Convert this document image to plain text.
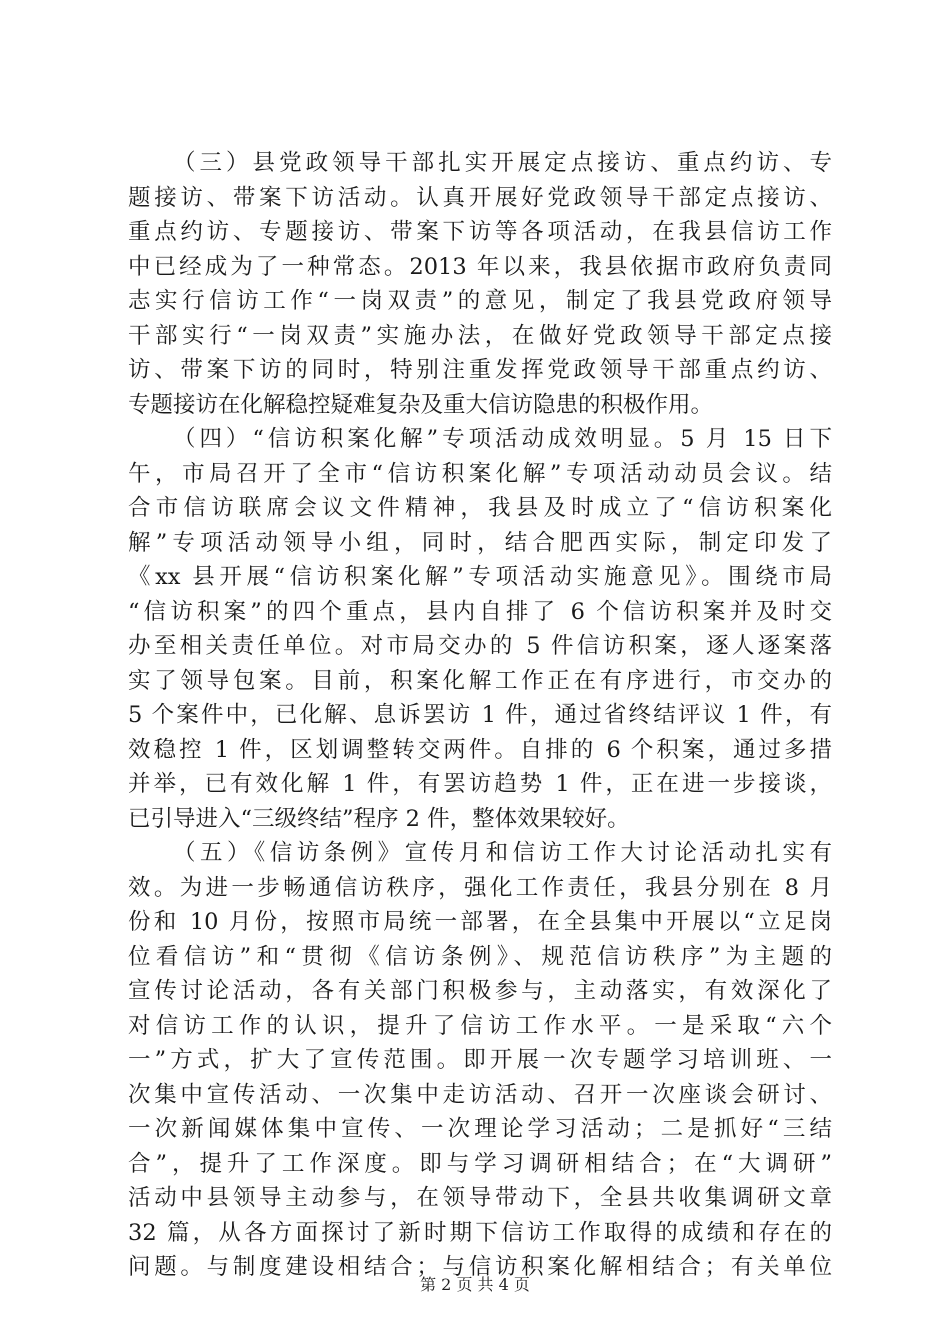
（三）县党政领导干部扎实开展定点接访、重点约访、专
题接访、带案下访活动。认真开展好党政领导干部定点接访、
重点约访、专题接访、带案下访等各项活动，在我县信访工作
中已经成为了一种常态。2013 年以来，我县依据市政府负责同
志实行信访工作“一岗双责”的意见，制定了我县党政府领导
干部实行“一岗双责”实施办法，在做好党政领导干部定点接
访、带案下访的同时，特别注重发挥党政领导干部重点约访、
专题接访在化解稳控疑难复杂及重大信访隐患的积极作用。
（四）“信访积案化解”专项活动成效明显。5 月 15 日下
午，市局召开了全市“信访积案化解”专项活动动员会议。结
合市信访联席会议文件精神，我县及时成立了“信访积案化
解”专项活动领导小组，同时，结合肥西实际，制定印发了
《xx 县开展“信访积案化解”专项活动实施意见》。围绕市局
“信访积案”的四个重点，县内自排了 6 个信访积案并及时交
办至相关责任单位。对市局交办的 5 件信访积案，逐人逐案落
实了领导包案。目前，积案化解工作正在有序进行，市交办的
5 个案件中，已化解、息诉罢访 1 件，通过省终结评议 1 件，有
效稳控 1 件，区划调整转交两件。自排的 6 个积案，通过多措
并举，已有效化解 1 件，有罢访趋势 1 件，正在进一步接谈，
已引导进入“三级终结”程序 2 件，整体效果较好。
（五）《信访条例》宣传月和信访工作大讨论活动扎实有
效。为进一步畅通信访秩序，强化工作责任，我县分别在 8 月
份和 10 月份，按照市局统一部署，在全县集中开展以“立足岗
位看信访”和“贯彻《信访条例》、规范信访秩序”为主题的
宣传讨论活动，各有关部门积极参与，主动落实，有效深化了
对信访工作的认识，提升了信访工作水平。一是采取“六个
一”方式，扩大了宣传范围。即开展一次专题学习培训班、一
次集中宣传活动、一次集中走访活动、召开一次座谈会研讨、
一次新闻媒体集中宣传、一次理论学习活动；二是抓好“三结
合”，提升了工作深度。即与学习调研相结合；在“大调研”
活动中县领导主动参与，在领导带动下，全县共收集调研文章
32 篇，从各方面探讨了新时期下信访工作取得的成绩和存在的
问题。与制度建设相结合；与信访积案化解相结合；有关单位
第 2 页 共 4 页
